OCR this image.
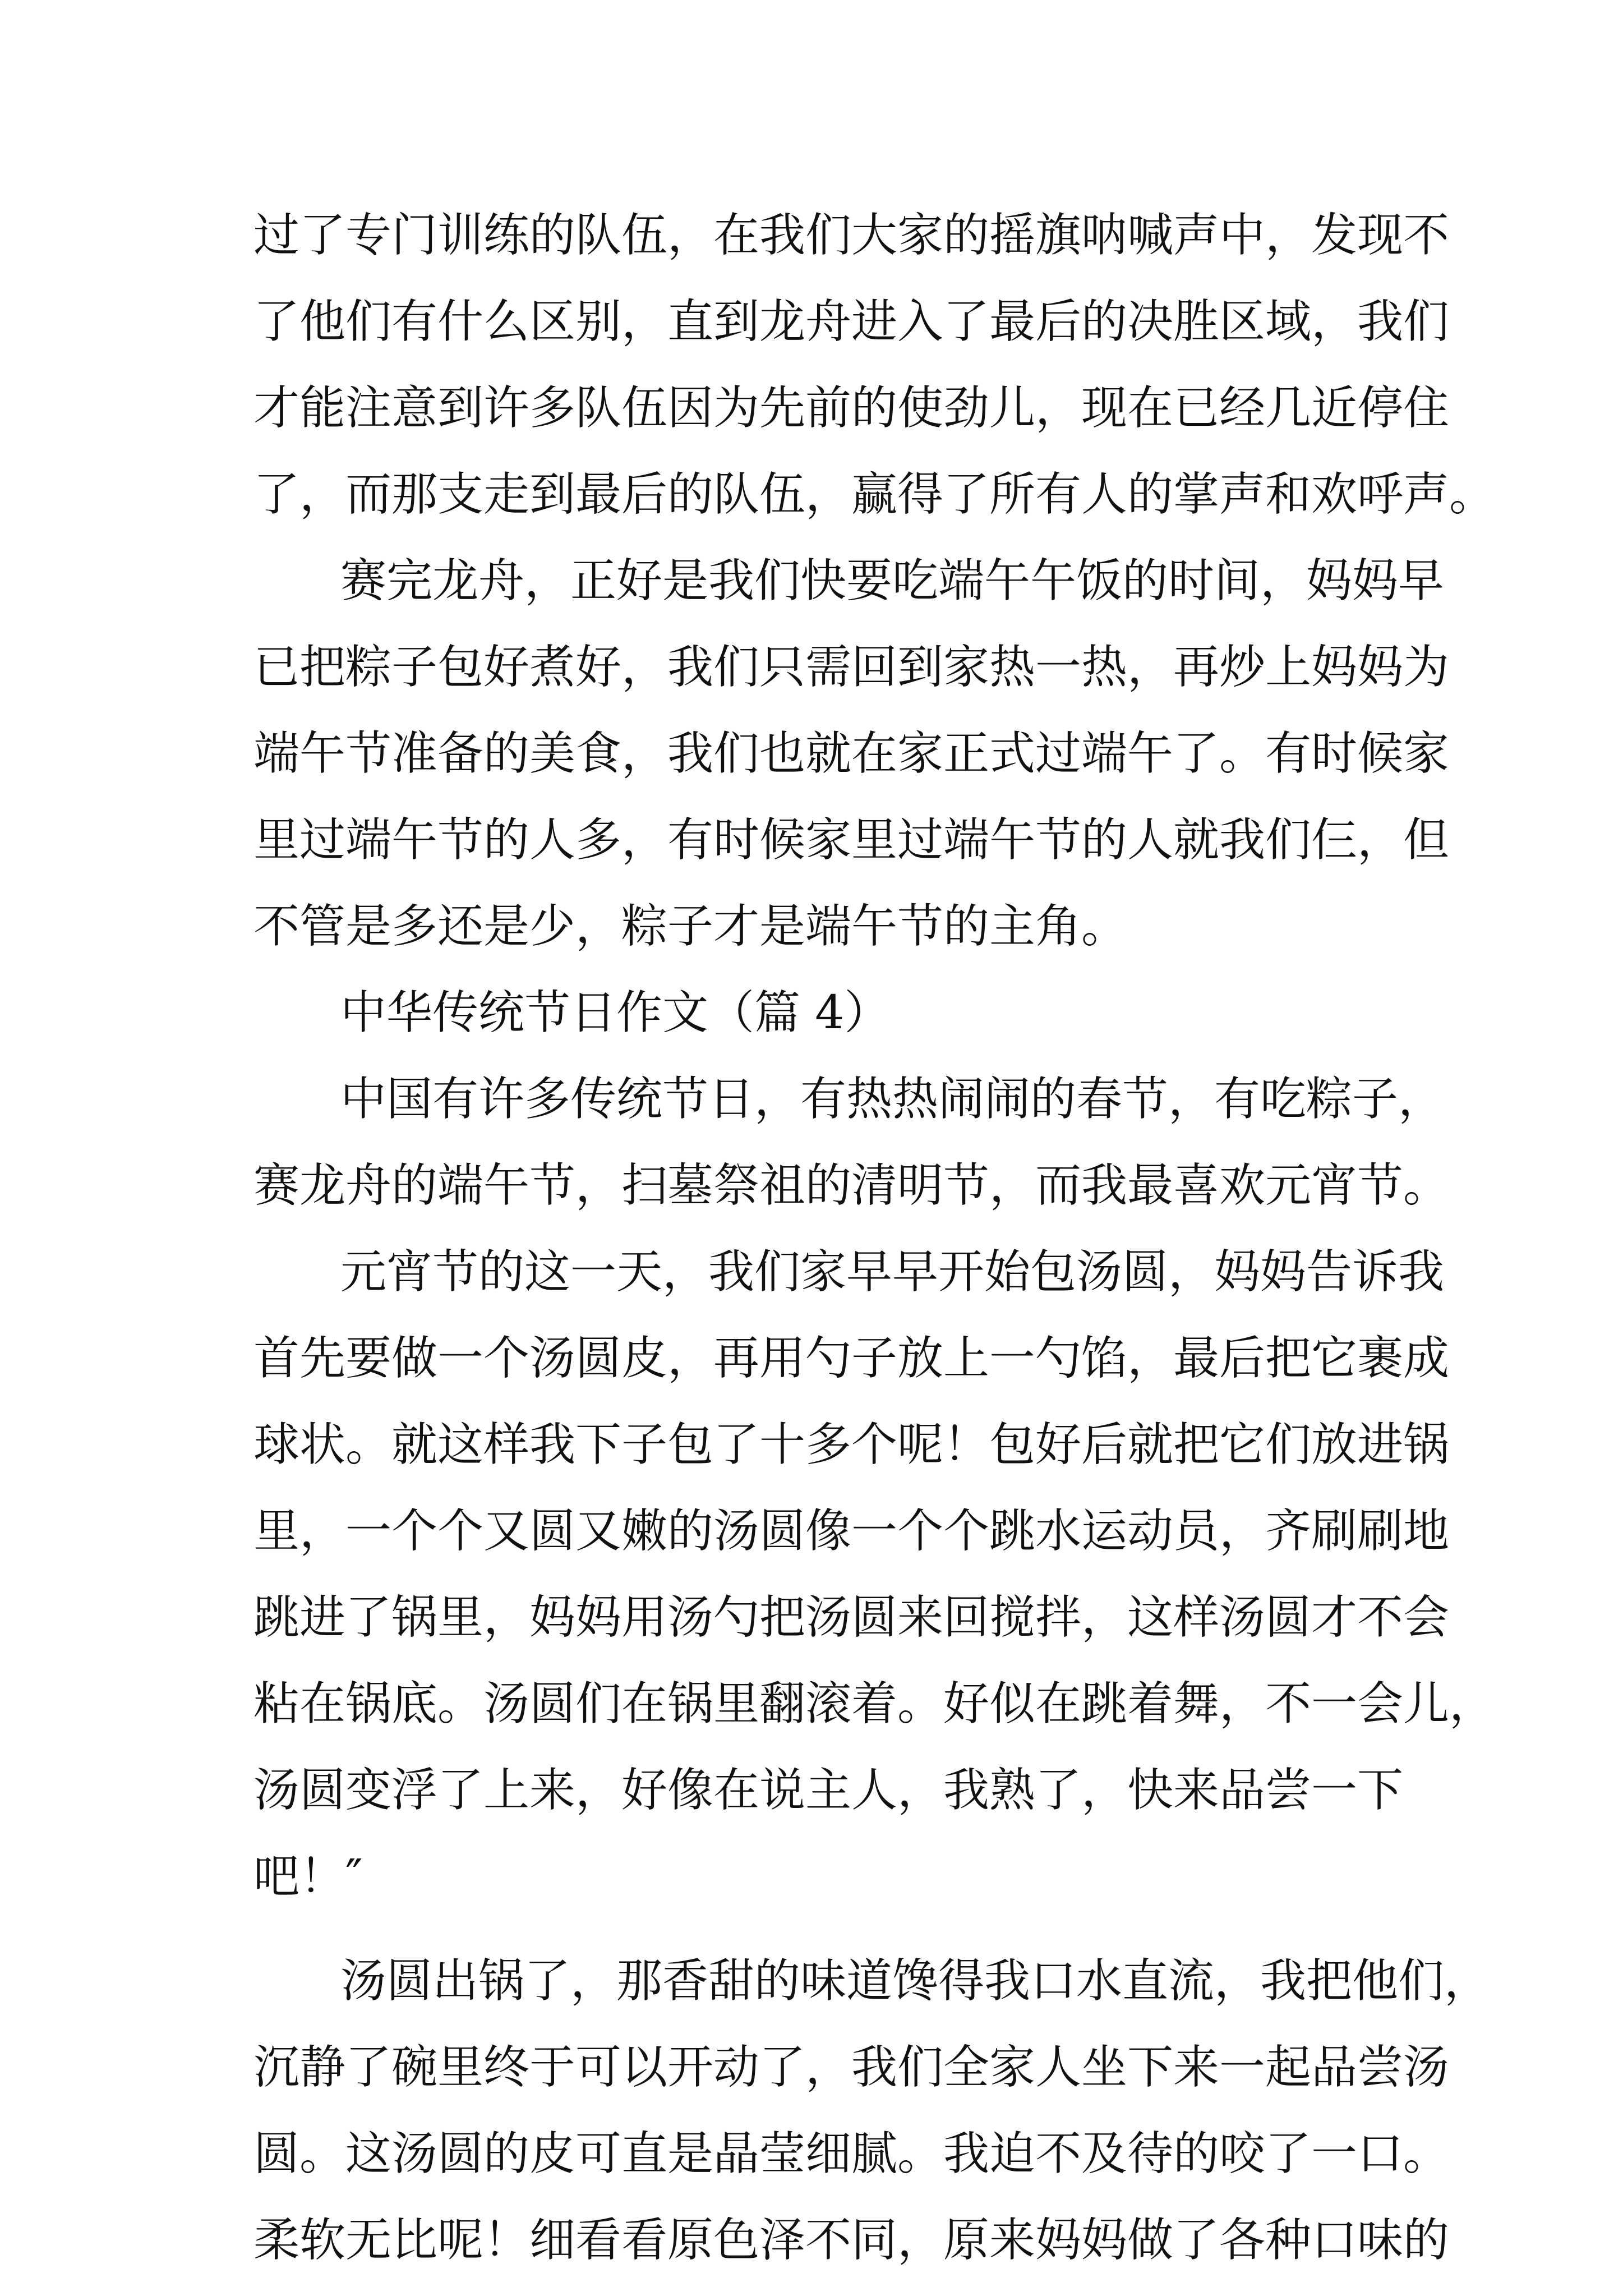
过了专门训练的队伍，在我们大家的摇旗呐喊声中，发现不
了他们有什么区别，直到龙舟进入了最后的决胜区域，我们
才能注意到许多队伍因为先前的使劲儿，现在已经几近停住
了，而那支走到最后的队伍，赢得了所有人的掌声和欢呼声。
赛完龙舟，正好是我们快要吃端午午饭的时间，妈妈早
已把粽子包好煮好，我们只需回到家热一热，再炒上妈妈为
端午节准备的美食，我们也就在家正式过端午了。有时候家
里过端午节的人多，有时候家里过端午节的人就我们仨，但
不管是多还是少，粽子才是端午节的主角。
中华传统节日作文（篇 4）
中国有许多传统节日，有热热闹闹的春节，有吃粽子，
赛龙舟的端午节，扫墓祭祖的清明节，而我最喜欢元宵节。
元宵节的这一天，我们家早早开始包汤圆，妈妈告诉我
首先要做一个汤圆皮，再用勺子放上一勺馅，最后把它裹成
球状。就这样我下子包了十多个呢！包好后就把它们放进锅
里，一个个又圆又嫩的汤圆像一个个跳水运动员，齐刷刷地
跳进了锅里，妈妈用汤勺把汤圆来回搅拌，这样汤圆才不会
粘在锅底。汤圆们在锅里翻滚着。好似在跳着舞，不一会儿，
汤圆变浮了上来，好像在说主人，我熟了，快来品尝一下
吧！″
汤圆出锅了，那香甜的味道馋得我口水直流，我把他们，
沉静了碗里终于可以开动了，我们全家人坐下来一起品尝汤
圆。这汤圆的皮可直是晶莹细腻。我迫不及待的咬了一口。
柔软无比呢！细看看原色泽不同，原来妈妈做了各种口味的
